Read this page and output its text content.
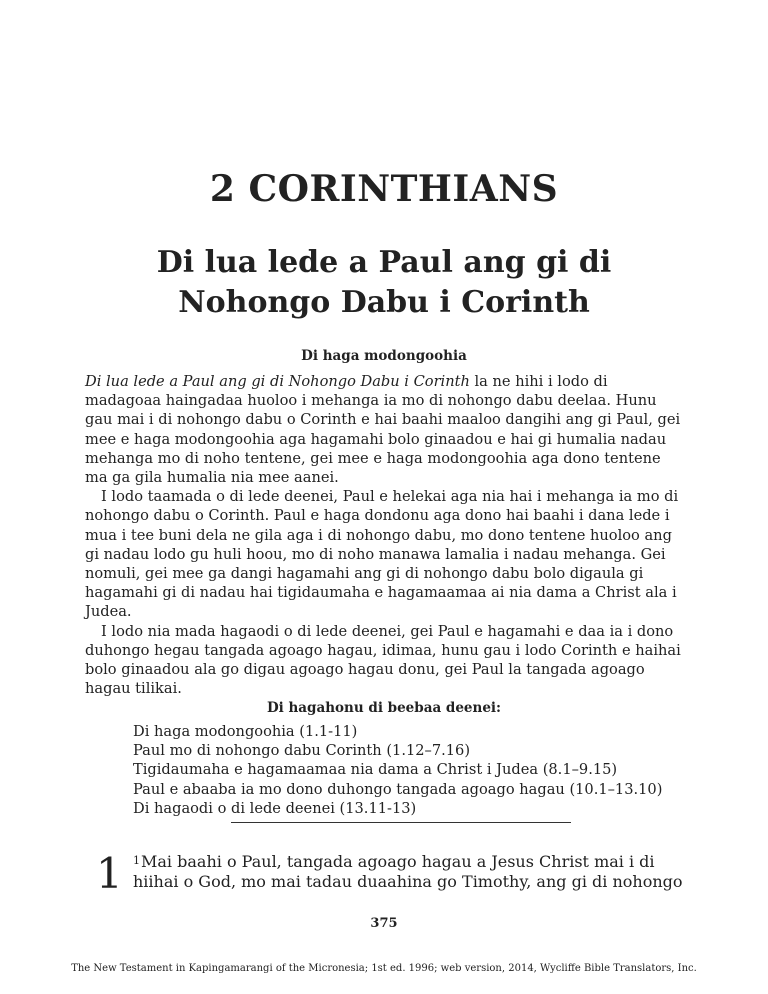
2 CORINTHIANS
Di lua lede a Paul ang gi di
Nohongo Dabu i Corinth
Di haga modongoohia

Di lua lede a Paul ang gi di Nohongo Dabu i Corinth la ne hihi i lodo di madagoaa haingadaa huoloo i mehanga ia mo di nohongo dabu deelaa. Hunu gau mai i di nohongo dabu o Corinth e hai baahi maaloo dangihi ang gi Paul, gei mee e haga modongoohia aga hagamahi bolo ginaadou e hai gi humalia nadau mehanga mo di noho tentene, gei mee e haga modongoohia aga dono tentene ma ga gila humalia nia mee aanei.

I lodo taamada o di lede deenei, Paul e helekai aga nia hai i mehanga ia mo di nohongo dabu o Corinth. Paul e haga dondonu aga dono hai baahi i dana lede i mua i tee buni dela ne gila aga i di nohongo dabu, mo dono tentene huoloo ang gi nadau lodo gu huli hoou, mo di noho manawa lamalia i nadau mehanga. Gei nomuli, gei mee ga dangi hagamahi ang gi di nohongo dabu bolo digaula gi hagamahi gi di nadau hai tigidaumaha e hagamaamaa ai nia dama a Christ ala i Judea.

I lodo nia mada hagaodi o di lede deenei, gei Paul e hagamahi e daa ia i dono duhongo hegau tangada agoago hagau, idimaa, hunu gau i lodo Corinth e haihai bolo ginaadou ala go digau agoago hagau donu, gei Paul la tangada agoago hagau tilikai.

Di hagahonu di beebaa deenei:
Di haga modongoohia (1.1-11)
Paul mo di nohongo dabu Corinth (1.12–7.16)
Tigidaumaha e hagamaamaa nia dama a Christ i Judea (8.1–9.15)
Paul e abaaba ia mo dono duhongo tangada agoago hagau (10.1–13.10)
Di hagaodi o di lede deenei (13.11-13)
1 $^1$Mai baahi o Paul, tangada agoago hagau a Jesus Christ mai i di
hiihai o God, mo mai tadau duaahina go Timothy, ang gi di nohongo

375
The New Testament in Kapingamarangi of the Micronesia; 1st ed. 1996; web version, 2014, Wycliffe Bible Translators, Inc.
